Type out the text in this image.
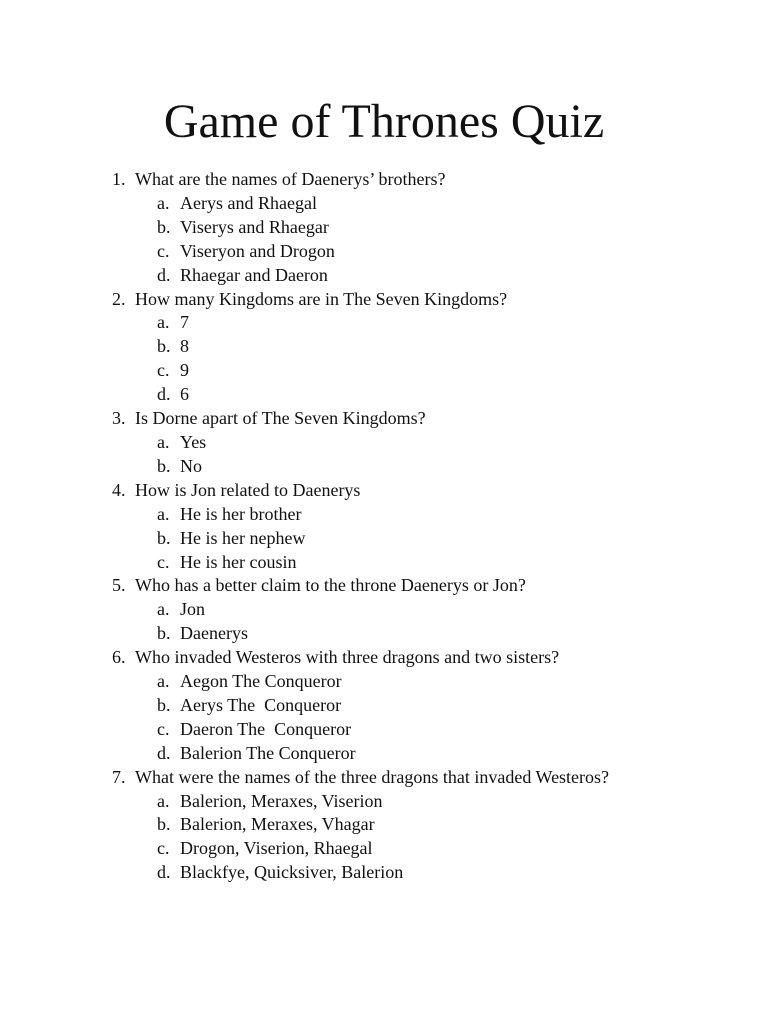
Game of Thrones Quiz
1. What are the names of Daenerys’ brothers?
a. Aerys and Rhaegal
b. Viserys and Rhaegar
c. Viseryon and Drogon
d. Rhaegar and Daeron
2. How many Kingdoms are in The Seven Kingdoms?
a. 7
b. 8
c. 9
d. 6
3. Is Dorne apart of The Seven Kingdoms?
a. Yes
b. No
4. How is Jon related to Daenerys
a. He is her brother
b. He is her nephew
c. He is her cousin
5. Who has a better claim to the throne Daenerys or Jon?
a. Jon
b. Daenerys
6. Who invaded Westeros with three dragons and two sisters?
a. Aegon The Conqueror
b. Aerys The  Conqueror
c. Daeron The  Conqueror
d. Balerion The Conqueror
7. What were the names of the three dragons that invaded Westeros?
a. Balerion, Meraxes, Viserion
b. Balerion, Meraxes, Vhagar
c. Drogon, Viserion, Rhaegal
d. Blackfye, Quicksiver, Balerion
